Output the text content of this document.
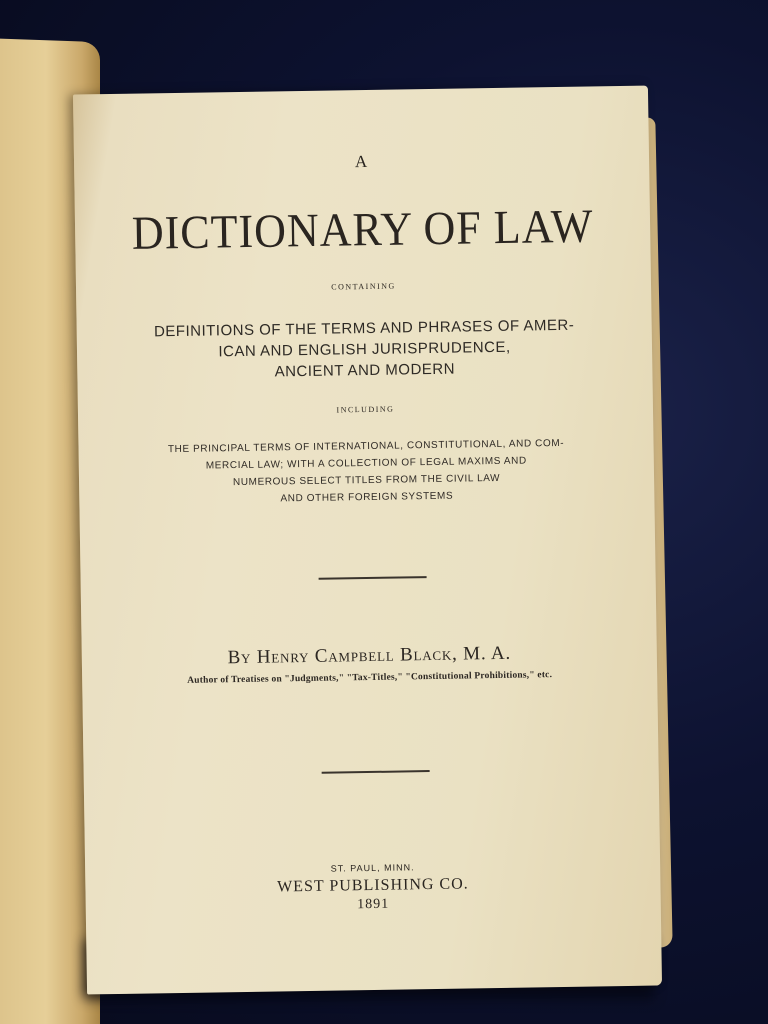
A

DICTIONARY OF LAW

CONTAINING

DEFINITIONS OF THE TERMS AND PHRASES OF AMER-
ICAN AND ENGLISH JURISPRUDENCE,
ANCIENT AND MODERN

INCLUDING

THE PRINCIPAL TERMS OF INTERNATIONAL, CONSTITUTIONAL, AND COM-
MERCIAL LAW; WITH A COLLECTION OF LEGAL MAXIMS AND
NUMEROUS SELECT TITLES FROM THE CIVIL LAW
AND OTHER FOREIGN SYSTEMS

By Henry Campbell Black, M. A.

Author of Treatises on "Judgments," "Tax-Titles," "Constitutional Prohibitions," etc.

ST. PAUL, MINN.

WEST PUBLISHING CO.

1891
